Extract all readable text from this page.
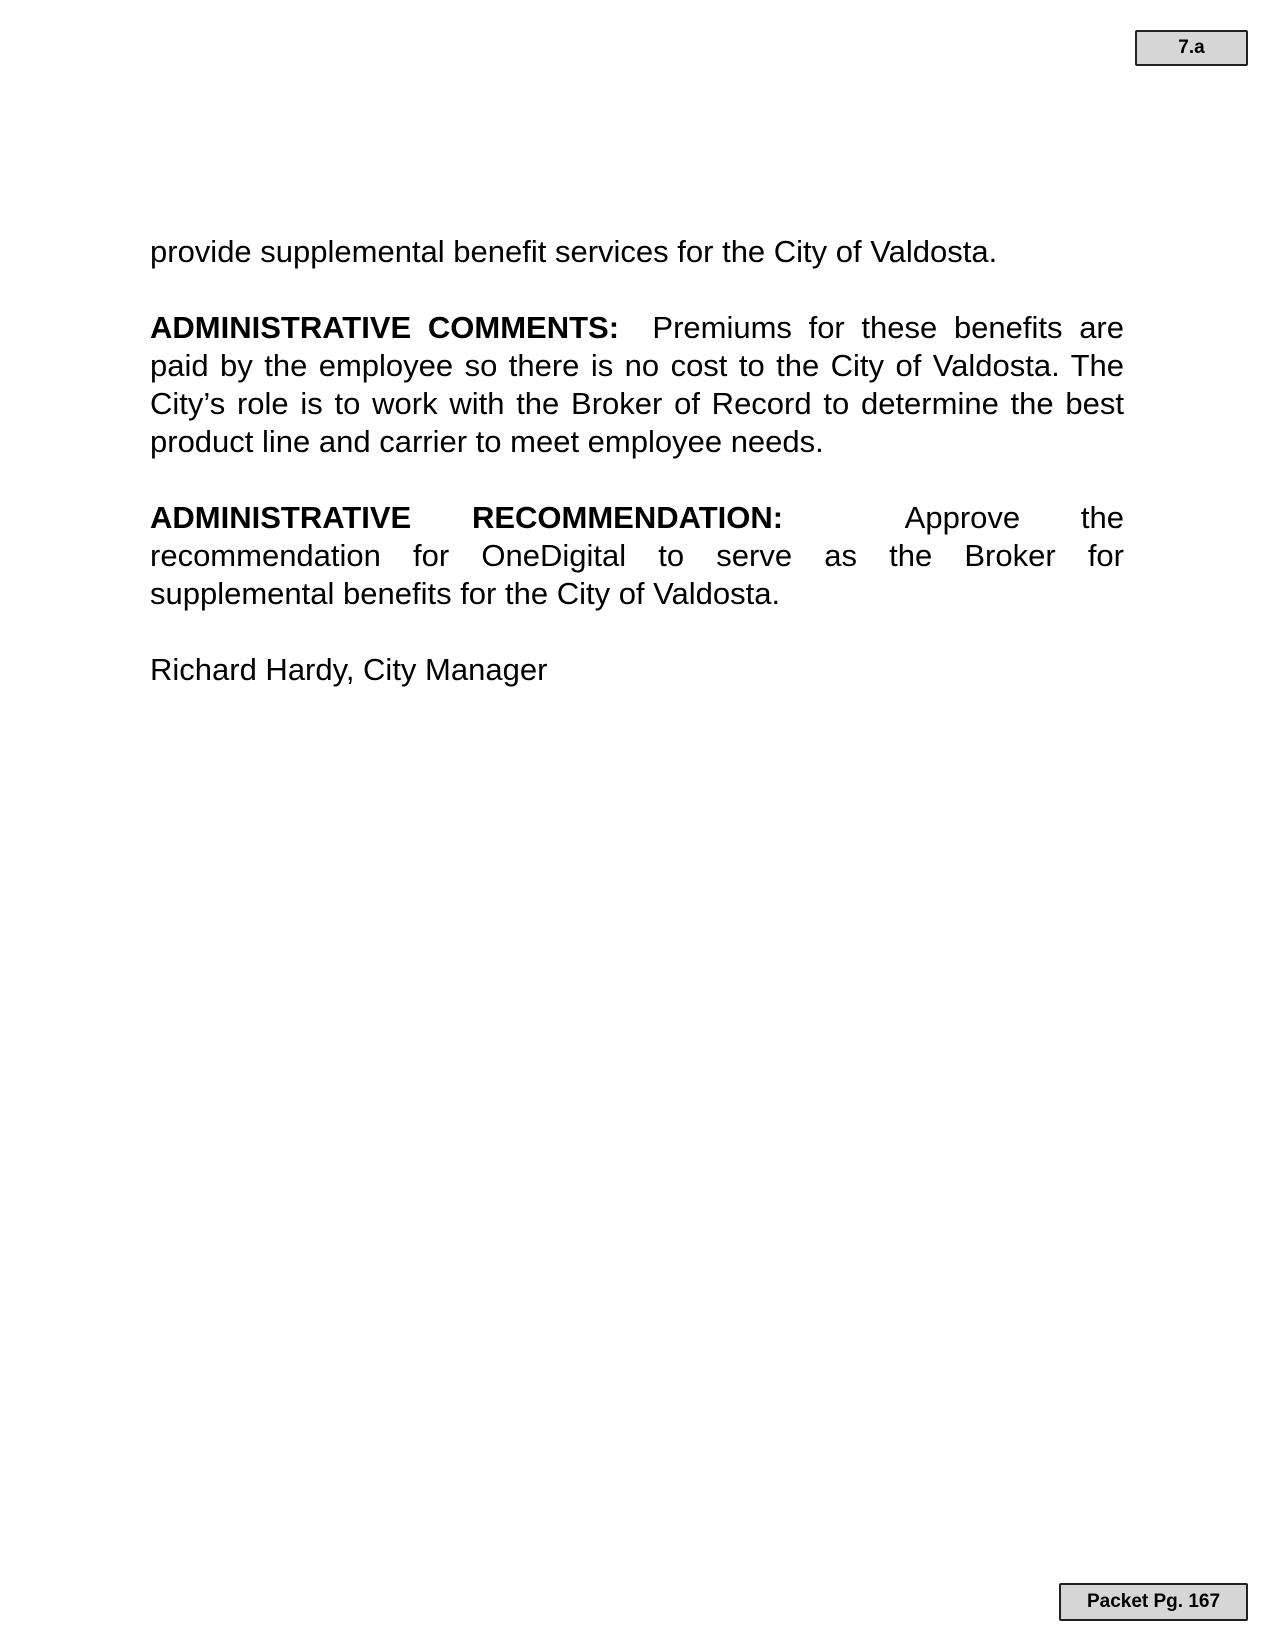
7.a

provide supplemental benefit services for the City of Valdosta.

ADMINISTRATIVE COMMENTS: Premiums for these benefits are paid by the employee so there is no cost to the City of Valdosta. The City’s role is to work with the Broker of Record to determine the best product line and carrier to meet employee needs.

ADMINISTRATIVE RECOMMENDATION:	Approve the recommendation for OneDigital to serve as the Broker for supplemental benefits for the City of Valdosta.

Richard Hardy, City Manager

Packet Pg. 167
